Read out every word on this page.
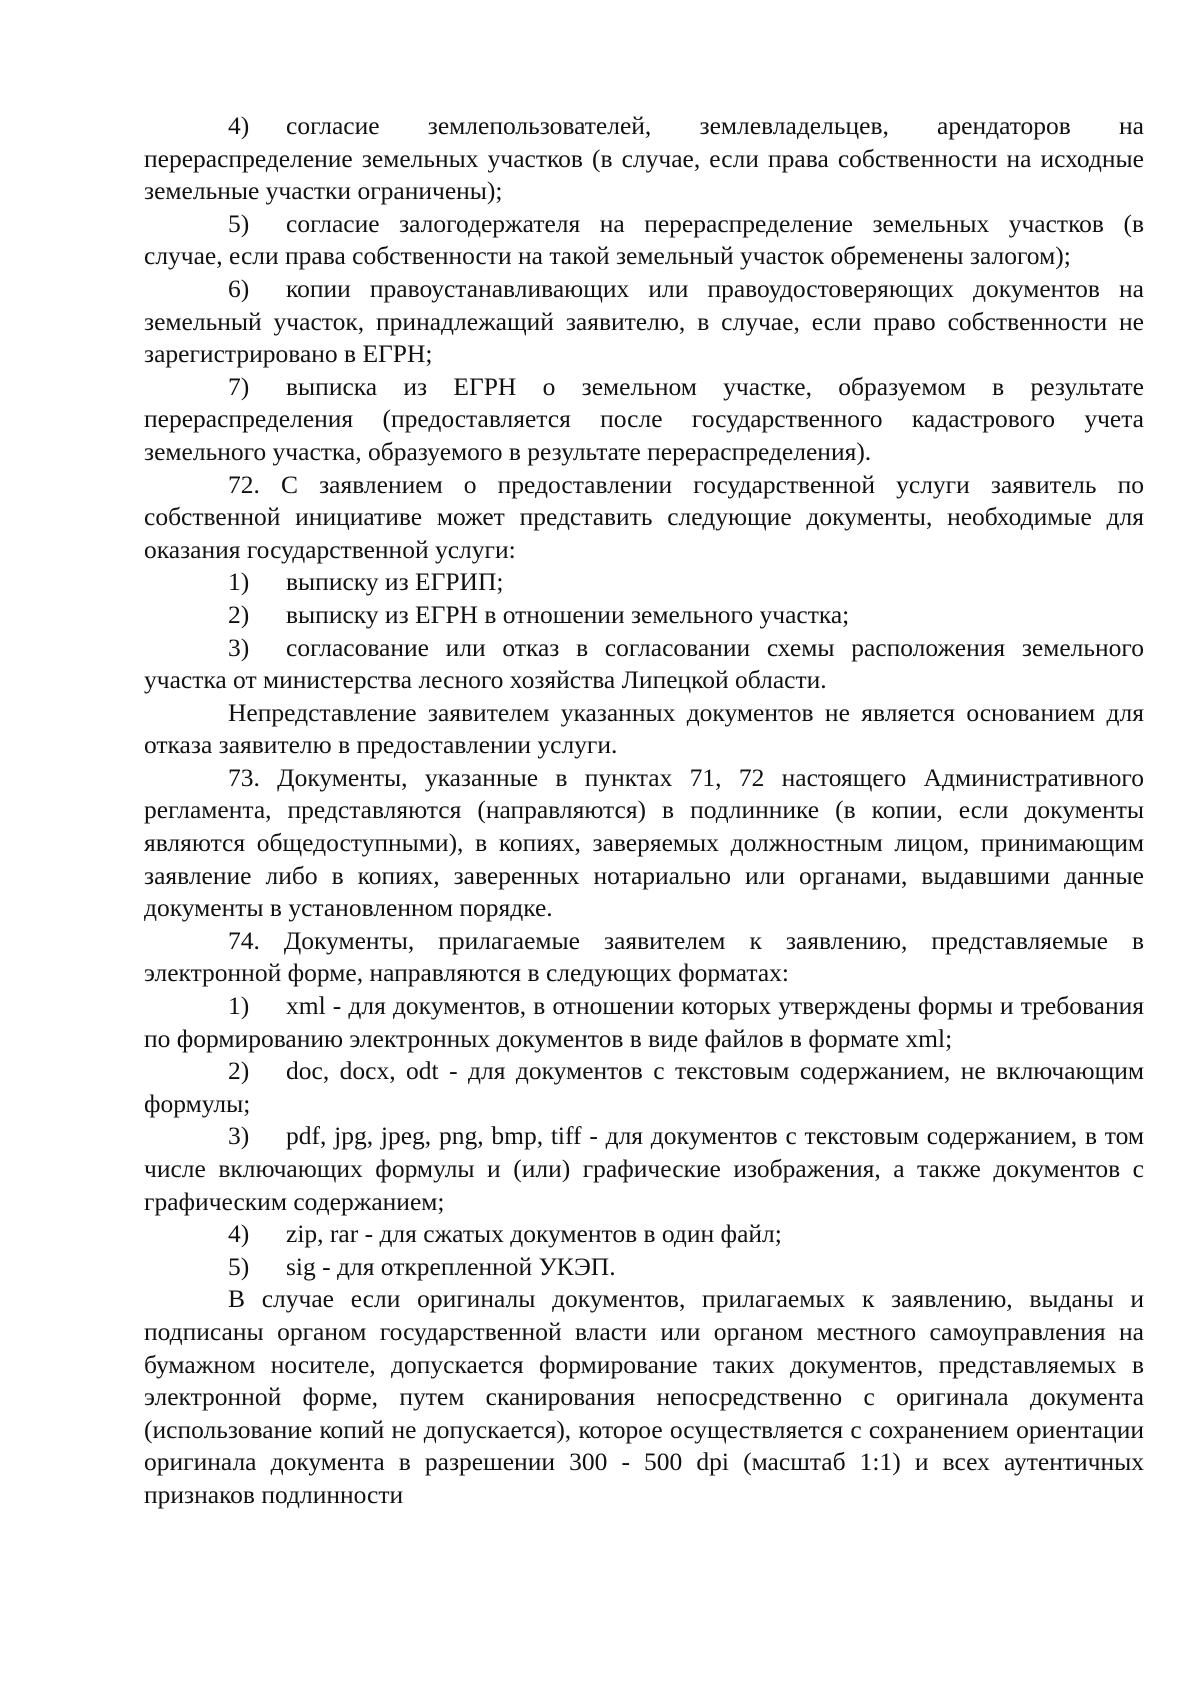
4) согласие землепользователей, землевладельцев, арендаторов на перераспределение земельных участков (в случае, если права собственности на исходные земельные участки ограничены);

5) согласие залогодержателя на перераспределение земельных участков (в случае, если права собственности на такой земельный участок обременены залогом);

6) копии правоустанавливающих или правоудостоверяющих документов на земельный участок, принадлежащий заявителю, в случае, если право собственности не зарегистрировано в ЕГРН;

7) выписка из ЕГРН о земельном участке, образуемом в результате перераспределения (предоставляется после государственного кадастрового учета земельного участка, образуемого в результате перераспределения).

72. С заявлением о предоставлении государственной услуги заявитель по собственной инициативе может представить следующие документы, необходимые для оказания государственной услуги:

1) выписку из ЕГРИП;

2) выписку из ЕГРН в отношении земельного участка;

3) согласование или отказ в согласовании схемы расположения земельного участка от министерства лесного хозяйства Липецкой области.

Непредставление заявителем указанных документов не является основанием для отказа заявителю в предоставлении услуги.

73. Документы, указанные в пунктах 71, 72 настоящего Административного регламента, представляются (направляются) в подлиннике (в копии, если документы являются общедоступными), в копиях, заверяемых должностным лицом, принимающим заявление либо в копиях, заверенных нотариально или органами, выдавшими данные документы в установленном порядке.

74. Документы, прилагаемые заявителем к заявлению, представляемые в электронной форме, направляются в следующих форматах:

1) xml - для документов, в отношении которых утверждены формы и требования по формированию электронных документов в виде файлов в формате xml;

2) doc, docx, odt - для документов с текстовым содержанием, не включающим формулы;

3) pdf, jpg, jpeg, png, bmp, tiff - для документов с текстовым содержанием, в том числе включающих формулы и (или) графические изображения, а также документов с графическим содержанием;

4) zip, rar - для сжатых документов в один файл;

5) sig - для открепленной УКЭП.

В случае если оригиналы документов, прилагаемых к заявлению, выданы и подписаны органом государственной власти или органом местного самоуправления на бумажном носителе, допускается формирование таких документов, представляемых в электронной форме, путем сканирования непосредственно с оригинала документа (использование копий не допускается), которое осуществляется с сохранением ориентации оригинала документа в разрешении 300 - 500 dpi (масштаб 1:1) и всех аутентичных признаков подлинности
